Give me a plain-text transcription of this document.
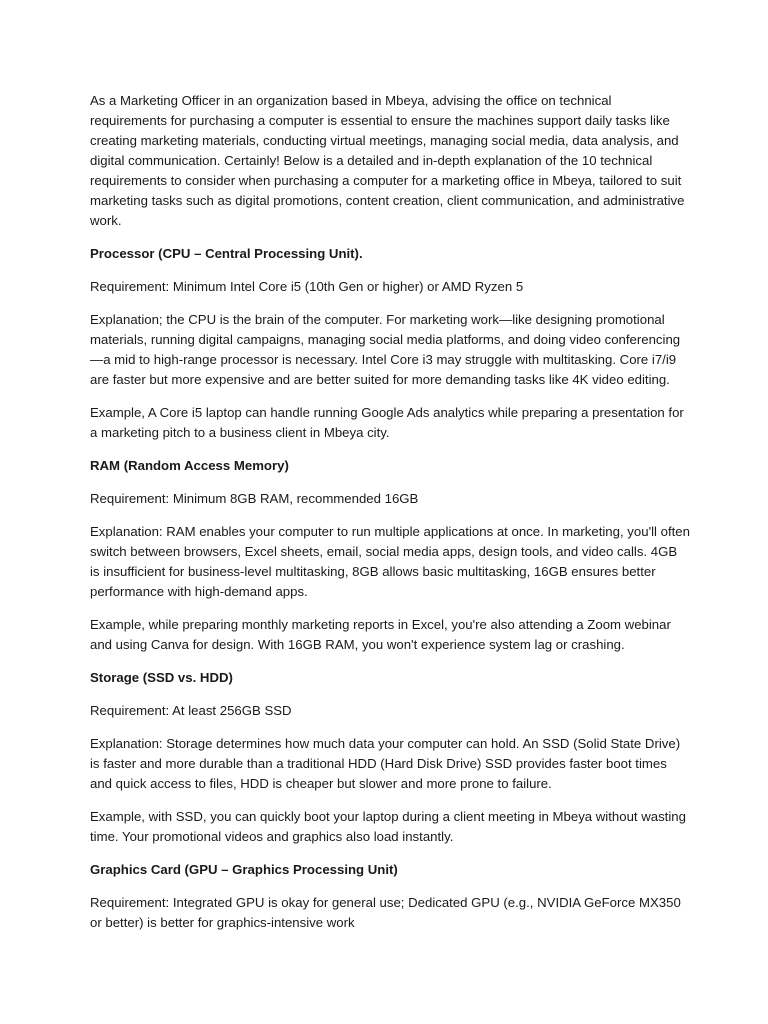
As a Marketing Officer in an organization based in Mbeya, advising the office on technical requirements for purchasing a computer is essential to ensure the machines support daily tasks like creating marketing materials, conducting virtual meetings, managing social media, data analysis, and digital communication. Certainly! Below is a detailed and in-depth explanation of the 10 technical requirements to consider when purchasing a computer for a marketing office in Mbeya, tailored to suit marketing tasks such as digital promotions, content creation, client communication, and administrative work.

Processor (CPU – Central Processing Unit).

Requirement: Minimum Intel Core i5 (10th Gen or higher) or AMD Ryzen 5

Explanation; the CPU is the brain of the computer. For marketing work—like designing promotional materials, running digital campaigns, managing social media platforms, and doing video conferencing—a mid to high-range processor is necessary. Intel Core i3 may struggle with multitasking. Core i7/i9 are faster but more expensive and are better suited for more demanding tasks like 4K video editing.

Example, A Core i5 laptop can handle running Google Ads analytics while preparing a presentation for a marketing pitch to a business client in Mbeya city.

RAM (Random Access Memory)

Requirement: Minimum 8GB RAM, recommended 16GB

Explanation: RAM enables your computer to run multiple applications at once. In marketing, you'll often switch between browsers, Excel sheets, email, social media apps, design tools, and video calls. 4GB is insufficient for business-level multitasking, 8GB allows basic multitasking, 16GB ensures better performance with high-demand apps.

Example, while preparing monthly marketing reports in Excel, you're also attending a Zoom webinar and using Canva for design. With 16GB RAM, you won't experience system lag or crashing.

Storage (SSD vs. HDD)

Requirement: At least 256GB SSD

Explanation: Storage determines how much data your computer can hold. An SSD (Solid State Drive) is faster and more durable than a traditional HDD (Hard Disk Drive) SSD provides faster boot times and quick access to files, HDD is cheaper but slower and more prone to failure.

Example, with SSD, you can quickly boot your laptop during a client meeting in Mbeya without wasting time. Your promotional videos and graphics also load instantly.

Graphics Card (GPU – Graphics Processing Unit)

Requirement: Integrated GPU is okay for general use; Dedicated GPU (e.g., NVIDIA GeForce MX350 or better) is better for graphics-intensive work
